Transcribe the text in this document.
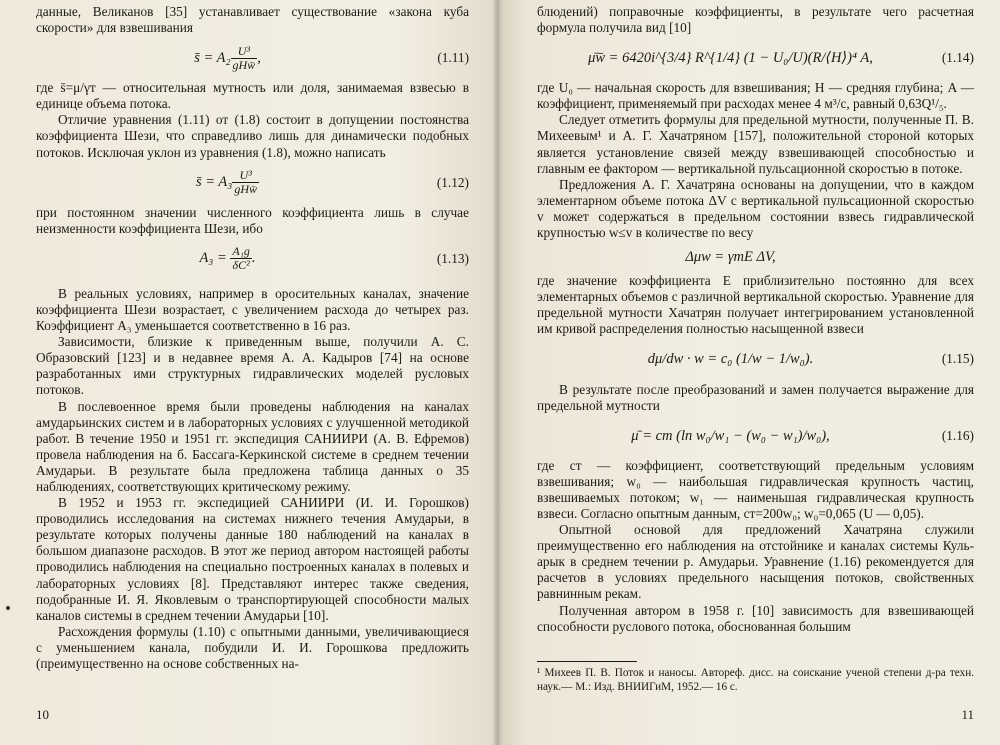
данные, Великанов [35] устанавливает существование «закона куба скорости» для взвешивания

s̄ = $A_2 \frac{\text{U³}}{\text{gHw̄}}$ ,	(1.11)

где s̄=μ/γт — относительная мутность или доля, занимаемая взвесью в единице объема потока.

Отличие уравнения (1.11) от (1.8) состоит в допущении постоянства коэффициента Шези, что справедливо лишь для динамически подобных потоков. Исключая уклон из уравнения (1.8), можно написать

s̄ = $A_3 \frac{\text{U³}}{\text{gHw̄}}$	(1.12)

при постоянном значении численного коэффициента лишь в случае неизменности коэффициента Шези, ибо

$A_3 = \frac{\text{A₁g}}{\text{δC²}}$ .	(1.13)

В реальных условиях, например в оросительных каналах, значение коэффициента Шези возрастает, с увеличением расхода до четырех раз. Коэффициент A₃ уменьшается соответственно в 16 раз.

Зависимости, близкие к приведенным выше, получили А. С. Образовский [123] и в недавнее время А. А. Кадыров [74] на основе разработанных ими структурных гидравлических моделей русловых потоков.

В послевоенное время были проведены наблюдения на каналах амударьинских систем и в лабораторных условиях с улучшенной методикой работ. В течение 1950 и 1951 гг. экспедиция САНИИРИ (А. В. Ефремов) провела наблюдения на б. Бассага-Керкинской системе в среднем течении Амударьи. В результате была предложена таблица данных о 35 наблюдениях, соответствующих критическому режиму.

В 1952 и 1953 гг. экспедицией САНИИРИ (И. И. Горошков) проводились исследования на системах нижнего течения Амударьи, в результате которых получены данные 180 наблюдений на каналах в большом диапазоне расходов. В этот же период автором настоящей работы проводились наблюдения на специально построенных каналах в полевых и лабораторных условиях [8]. Представляют интерес также сведения, подобранные И. Я. Яковлевым о транспортирующей способности малых каналов системы в среднем течении Амударьи [10].

Расхождения формулы (1.10) с опытными данными, увеличивающиеся с уменьшением канала, побудили И. И. Горошкова предложить (преимущественно на основе собственных на-

10

блюдений) поправочные коэффициенты, в результате чего расчетная формула получила вид [10]

μ̄w̄ = 6420i^{3/4} R^{1/4} (1 − U₀/U)(R/⟨H⟩)⁴ A,	(1.14)

где U₀ — начальная скорость для взвешивания; H — средняя глубина; A — коэффициент, применяемый при расходах менее 4 м³/с, равный 0,63Q¹/₅.

Следует отметить формулы для предельной мутности, полученные П. В. Михеевым¹ и А. Г. Хачатряном [157], положительной стороной которых является установление связей между взвешивающей способностью и главным ее фактором — вертикальной пульсационной скоростью в потоке.

Предложения А. Г. Хачатряна основаны на допущении, что в каждом элементарном объеме потока ΔV с вертикальной пульсационной скоростью v может содержаться в предельном состоянии взвесь гидравлической крупностью w≤v в количестве по весу

Δμw = γтE ΔV,

где значение коэффициента E приблизительно постоянно для всех элементарных объемов с различной вертикальной скоростью. Уравнение для предельной мутности Хачатрян получает интегрированием установленной им кривой распределения полностью насыщенной взвеси

dμ/dw · w = c₀ (1/w − 1/w₀).	(1.15)

В результате после преобразований и замен получается выражение для предельной мутности

μ̄ = cт (ln w₀/w₁ − (w₀ − w₁)/w₀),	(1.16)

где cт — коэффициент, соответствующий предельным условиям взвешивания; w₀ — наибольшая гидравлическая крупность частиц, взвешиваемых потоком; w₁ — наименьшая гидравлическая крупность взвеси. Согласно опытным данным, cт=200w₀; w₀=0,065 (U — 0,05).

Опытной основой для предложений Хачатряна служили преимущественно его наблюдения на отстойнике и каналах системы Куль-арык в среднем течении р. Амударьи. Уравнение (1.16) рекомендуется для расчетов в условиях предельного насыщения потоков, свойственных равнинным рекам.

Полученная автором в 1958 г. [10] зависимость для взвешивающей способности руслового потока, обоснованная большим

¹ Михеев П. В. Поток и наносы. Автореф. дисс. на соискание ученой степени д-ра техн. наук.— М.: Изд. ВНИИГиМ, 1952.— 16 с.

11
